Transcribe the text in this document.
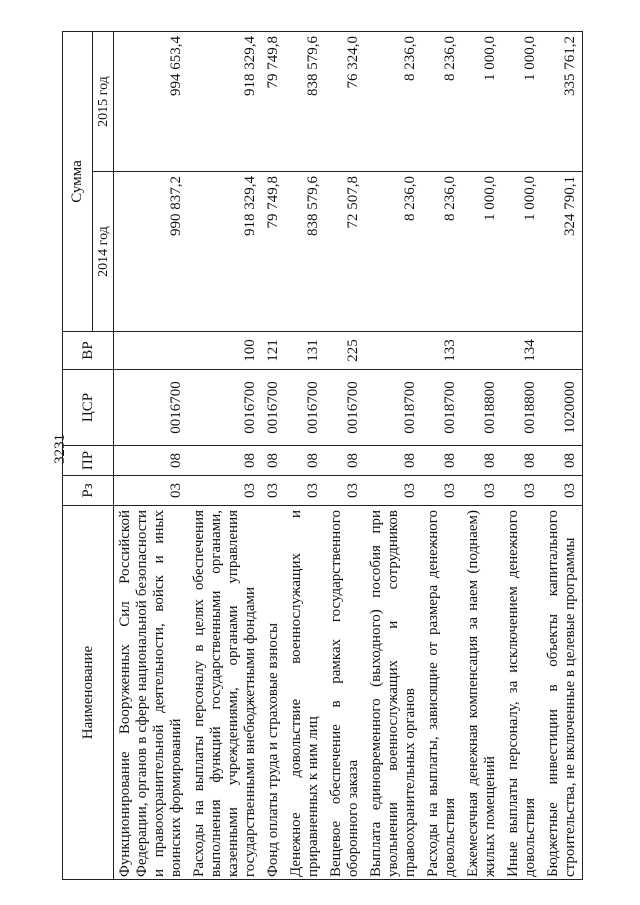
3231
Наименование	Рз	ПР	ЦСР	ВР	Сумма	
					2014 год	2015 год
Функционирование Вооруженных Сил Российской Федерации, органов в сфере национальной безопасности и правоохранительной деятельности, войск и иных воинских формирований	03	08	0016700		990 837,2	994 653,4
Расходы на выплаты персоналу в целях обеспечения выполнения функций государственными органами, казенными учреждениями, органами управления государственными внебюджетными фондами	03	08	0016700	100	918 329,4	918 329,4
Фонд оплаты труда и страховые взносы	03	08	0016700	121	79 749,8	79 749,8
Денежное довольствие военнослужащих и приравненных к ним лиц	03	08	0016700	131	838 579,6	838 579,6
Вещевое обеспечение в рамках государственного оборонного заказа	03	08	0016700	225	72 507,8	76 324,0
Выплата единовременного (выходного) пособия при увольнении военнослужащих и сотрудников правоохранительных органов	03	08	0018700		8 236,0	8 236,0
Расходы на выплаты, зависящие от размера денежного довольствия	03	08	0018700	133	8 236,0	8 236,0
Ежемесячная денежная компенсация за наем (поднаем) жилых помещений	03	08	0018800		1 000,0	1 000,0
Иные выплаты персоналу, за исключением денежного довольствия	03	08	0018800	134	1 000,0	1 000,0
Бюджетные инвестиции в объекты капитального строительства, не включенные в целевые программы	03	08	1020000		324 790,1	335 761,2
